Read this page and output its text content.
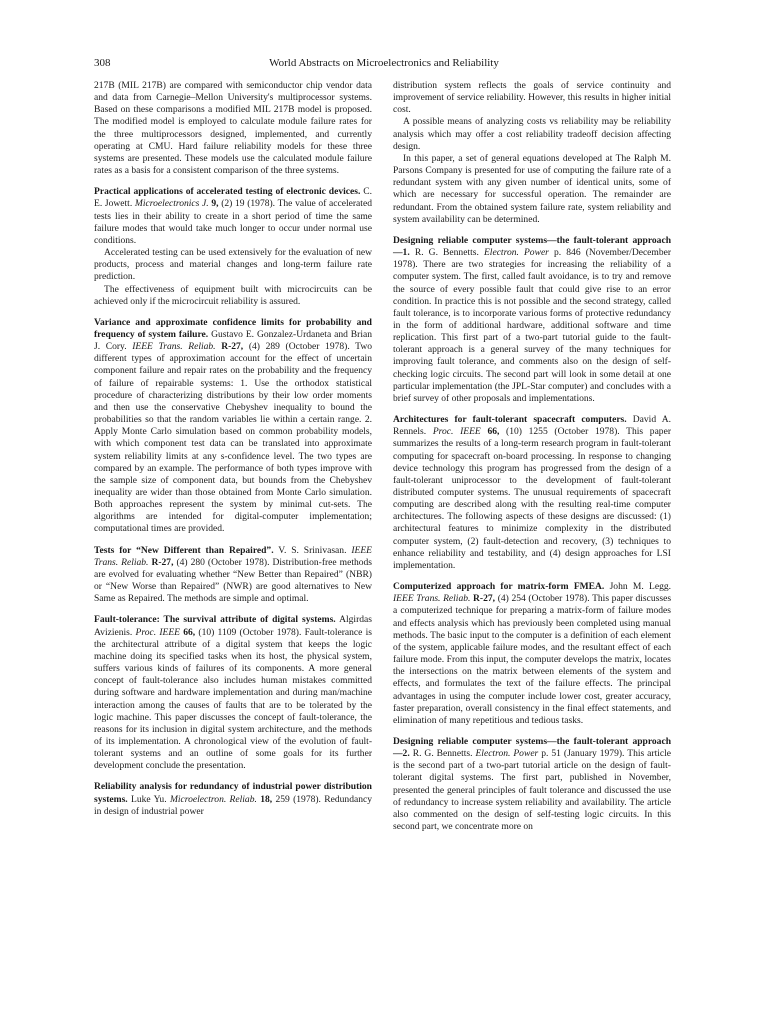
308	World Abstracts on Microelectronics and Reliability

217B (MIL 217B) are compared with semiconductor chip vendor data and data from Carnegie–Mellon University's multiprocessor systems. Based on these comparisons a modified MIL 217B model is proposed. The modified model is employed to calculate module failure rates for the three multiprocessors designed, implemented, and currently operating at CMU. Hard failure reliability models for these three systems are presented. These models use the calculated module failure rates as a basis for a consistent comparison of the three systems.

Practical applications of accelerated testing of electronic devices. C. E. Jowett. Microelectronics J. 9, (2) 19 (1978). The value of accelerated tests lies in their ability to create in a short period of time the same failure modes that would take much longer to occur under normal use conditions.

Accelerated testing can be used extensively for the evaluation of new products, process and material changes and long-term failure rate prediction.

The effectiveness of equipment built with microcircuits can be achieved only if the microcircuit reliability is assured.

Variance and approximate confidence limits for probability and frequency of system failure. Gustavo E. Gonzalez-Urdaneta and Brian J. Cory. IEEE Trans. Reliab. R-27, (4) 289 (October 1978). Two different types of approximation account for the effect of uncertain component failure and repair rates on the probability and the frequency of failure of repairable systems: 1. Use the orthodox statistical procedure of characterizing distributions by their low order moments and then use the conservative Chebyshev inequality to bound the probabilities so that the random variables lie within a certain range. 2. Apply Monte Carlo simulation based on common probability models, with which component test data can be translated into approximate system reliability limits at any s-confidence level. The two types are compared by an example. The performance of both types improve with the sample size of component data, but bounds from the Chebyshev inequality are wider than those obtained from Monte Carlo simulation. Both approaches represent the system by minimal cut-sets. The algorithms are intended for digital-computer implementation; computational times are provided.

Tests for “New Different than Repaired”. V. S. Srinivasan. IEEE Trans. Reliab. R-27, (4) 280 (October 1978). Distribution-free methods are evolved for evaluating whether “New Better than Repaired” (NBR) or “New Worse than Repaired” (NWR) are good alternatives to New Same as Repaired. The methods are simple and optimal.

Fault-tolerance: The survival attribute of digital systems. Algirdas Avizienis. Proc. IEEE 66, (10) 1109 (October 1978). Fault-tolerance is the architectural attribute of a digital system that keeps the logic machine doing its specified tasks when its host, the physical system, suffers various kinds of failures of its components. A more general concept of fault-tolerance also includes human mistakes committed during software and hardware implementation and during man/machine interaction among the causes of faults that are to be tolerated by the logic machine. This paper discusses the concept of fault-tolerance, the reasons for its inclusion in digital system architecture, and the methods of its implementation. A chronological view of the evolution of fault-tolerant systems and an outline of some goals for its further development conclude the presentation.

Reliability analysis for redundancy of industrial power distribution systems. Luke Yu. Microelectron. Reliab. 18, 259 (1978). Redundancy in design of industrial power

distribution system reflects the goals of service continuity and improvement of service reliability. However, this results in higher initial cost.

A possible means of analyzing costs vs reliability may be reliability analysis which may offer a cost reliability tradeoff decision affecting design.

In this paper, a set of general equations developed at The Ralph M. Parsons Company is presented for use of computing the failure rate of a redundant system with any given number of identical units, some of which are necessary for successful operation. The remainder are redundant. From the obtained system failure rate, system reliability and system availability can be determined.

Designing reliable computer systems—the fault-tolerant approach—1. R. G. Bennetts. Electron. Power p. 846 (November/December 1978). There are two strategies for increasing the reliability of a computer system. The first, called fault avoidance, is to try and remove the source of every possible fault that could give rise to an error condition. In practice this is not possible and the second strategy, called fault tolerance, is to incorporate various forms of protective redundancy in the form of additional hardware, additional software and time replication. This first part of a two-part tutorial guide to the fault-tolerant approach is a general survey of the many techniques for improving fault tolerance, and comments also on the design of self-checking logic circuits. The second part will look in some detail at one particular implementation (the JPL-Star computer) and concludes with a brief survey of other proposals and implementations.

Architectures for fault-tolerant spacecraft computers. David A. Rennels. Proc. IEEE 66, (10) 1255 (October 1978). This paper summarizes the results of a long-term research program in fault-tolerant computing for spacecraft on-board processing. In response to changing device technology this program has progressed from the design of a fault-tolerant uniprocessor to the development of fault-tolerant distributed computer systems. The unusual requirements of spacecraft computing are described along with the resulting real-time computer architectures. The following aspects of these designs are discussed: (1) architectural features to minimize complexity in the distributed computer system, (2) fault-detection and recovery, (3) techniques to enhance reliability and testability, and (4) design approaches for LSI implementation.

Computerized approach for matrix-form FMEA. John M. Legg. IEEE Trans. Reliab. R-27, (4) 254 (October 1978). This paper discusses a computerized technique for preparing a matrix-form of failure modes and effects analysis which has previously been completed using manual methods. The basic input to the computer is a definition of each element of the system, applicable failure modes, and the resultant effect of each failure mode. From this input, the computer develops the matrix, locates the intersections on the matrix between elements of the system and effects, and formulates the text of the failure effects. The principal advantages in using the computer include lower cost, greater accuracy, faster preparation, overall consistency in the final effect statements, and elimination of many repetitious and tedious tasks.

Designing reliable computer systems—the fault-tolerant approach—2. R. G. Bennetts. Electron. Power p. 51 (January 1979). This article is the second part of a two-part tutorial article on the design of fault-tolerant digital systems. The first part, published in November, presented the general principles of fault tolerance and discussed the use of redundancy to increase system reliability and availability. The article also commented on the design of self-testing logic circuits. In this second part, we concentrate more on
